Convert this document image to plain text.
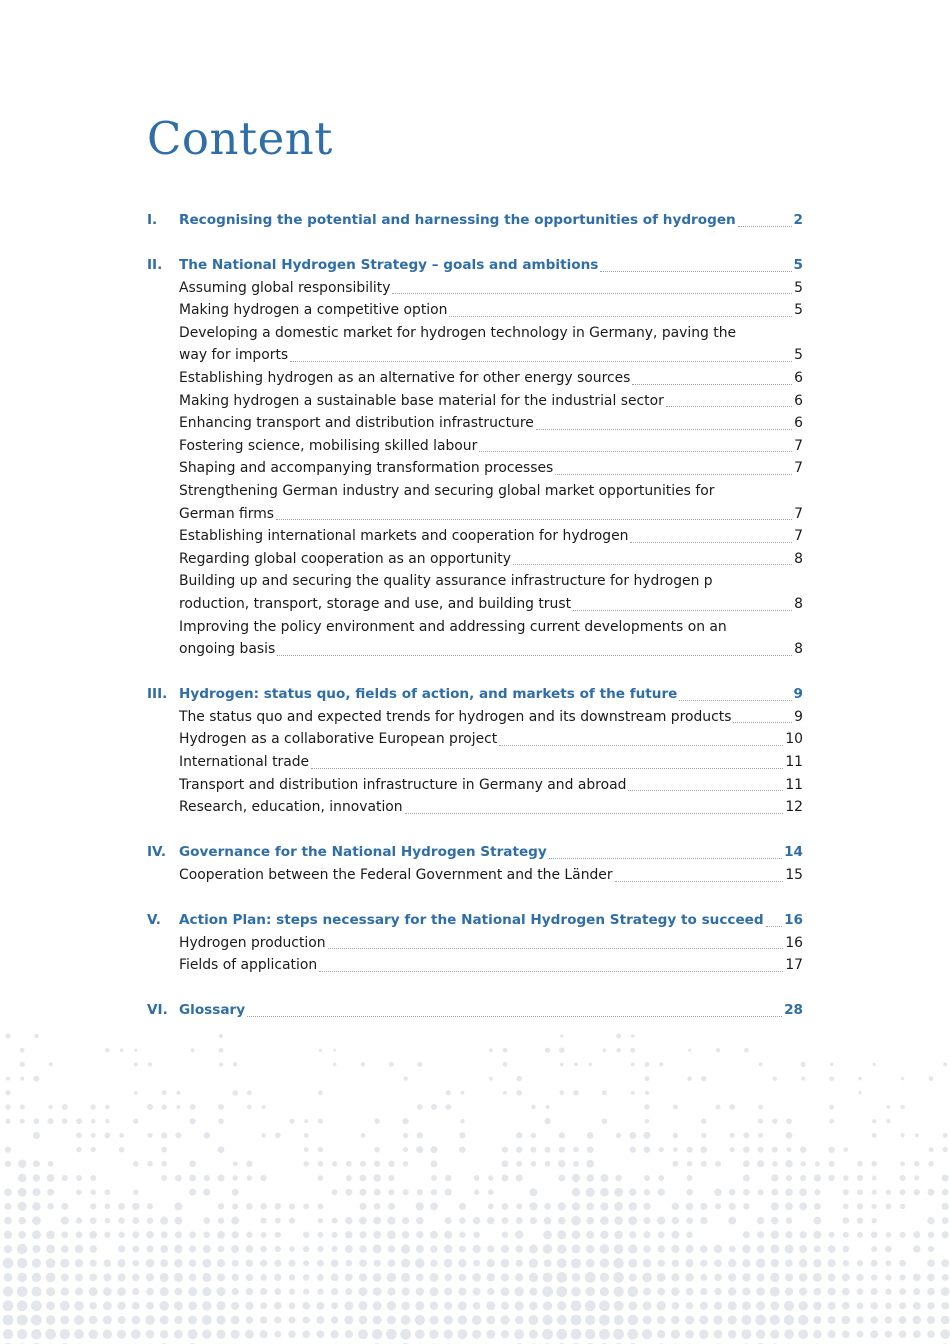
Content
I.	Recognising the potential and harnessing the opportunities of hydrogen	2
II.	The National Hydrogen Strategy – goals and ambitions	5
Assuming global responsibility	5
Making hydrogen a competitive option	5
Developing a domestic market for hydrogen technology in Germany, paving the
way for imports	5
Establishing hydrogen as an alternative for other energy sources	6
Making hydrogen a sustainable base material for the industrial sector	6
Enhancing transport and distribution infrastructure	6
Fostering science, mobilising skilled labour	7
Shaping and accompanying transformation processes	7
Strengthening German industry and securing global market opportunities for
German firms	7
Establishing international markets and cooperation for hydrogen	7
Regarding global cooperation as an opportunity	8
Building up and securing the quality assurance infrastructure for hydrogen p
roduction, transport, storage and use, and building trust	8
Improving the policy environment and addressing current developments on an
ongoing basis	8
III. Hydrogen: status quo, fields of action, and markets of the future	9
The status quo and expected trends for hydrogen and its downstream products	9
Hydrogen as a collaborative European project	10
International trade	11
Transport and distribution infrastructure in Germany and abroad	11
Research, education, innovation	12
IV. Governance for the National Hydrogen Strategy	14
Cooperation between the Federal Government and the Länder	15
V.	Action Plan: steps necessary for the National Hydrogen Strategy to succeed 16
Hydrogen production	16
Fields of application	17
VI. Glossary	28
